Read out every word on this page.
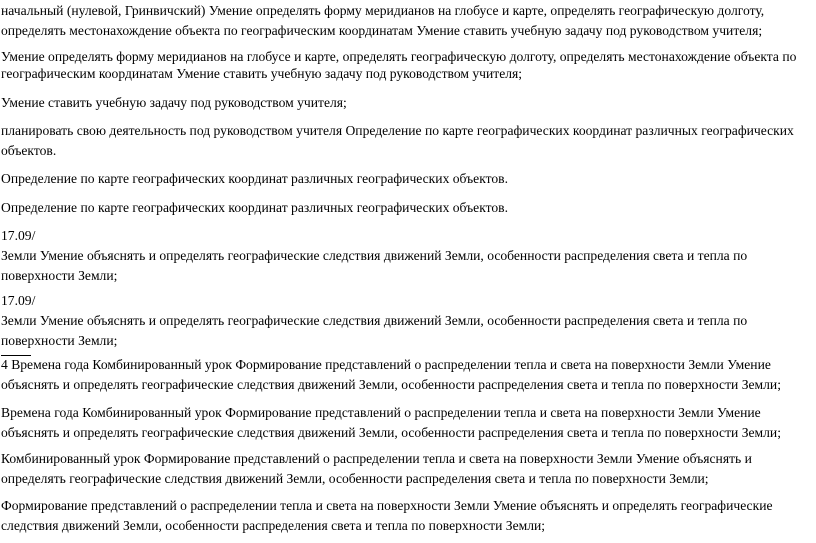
начальный (нулевой, Гринвичский) Умение определять форму меридианов на глобусе и карте, определять географическую долготу,
определять местонахождение объекта по географическим координатам Умение ставить учебную задачу под руководством учителя;

Умение определять форму меридианов на глобусе и карте, определять географическую долготу, определять местонахождение объекта по
географическим координатам Умение ставить учебную задачу под руководством учителя;

Умение ставить учебную задачу под руководством учителя;

планировать свою деятельность под руководством учителя Определение по карте географических координат различных географических
объектов.

Определение по карте географических координат различных географических объектов.

Определение по карте географических координат различных географических объектов.

17.09/
Земли Умение объяснять и определять географические следствия движений Земли, особенности распределения света и тепла по
поверхности Земли;

17.09/
Земли Умение объяснять и определять географические следствия движений Земли, особенности распределения света и тепла по
поверхности Земли;

4 Времена года Комбинированный урок Формирование представлений о распределении тепла и света на поверхности Земли Умение
объяснять и определять географические следствия движений Земли, особенности распределения света и тепла по поверхности Земли;

Времена года Комбинированный урок Формирование представлений о распределении тепла и света на поверхности Земли Умение
объяснять и определять географические следствия движений Земли, особенности распределения света и тепла по поверхности Земли;

Комбинированный урок Формирование представлений о распределении тепла и света на поверхности Земли Умение объяснять и
определять географические следствия движений Земли, особенности распределения света и тепла по поверхности Земли;

Формирование представлений о распределении тепла и света на поверхности Земли Умение объяснять и определять географические
следствия движений Земли, особенности распределения света и тепла по поверхности Земли;
